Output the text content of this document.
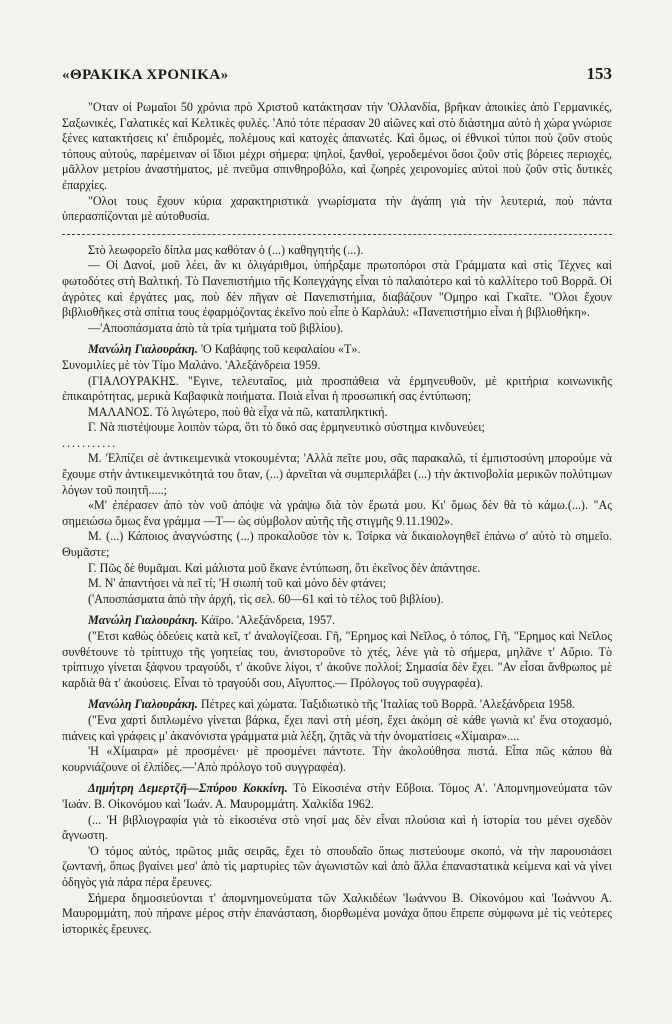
«ΘΡΑΚΙΚΑ ΧΡΟΝΙΚΑ»	153

"Οταν οἱ Ρωμαῖοι 50 χρόνια πρὸ Χριστοῦ κατάκτησαν τὴν 'Ολλανδία, βρῆκαν ἀποικίες ἀπὸ Γερμανικές, Σαξωνικές, Γαλατικὲς καὶ Κελτικὲς φυλές. 'Από τότε πέρασαν 20 αἰῶνες καὶ στὸ διάστημα αὐτὸ ἡ χώρα γνώρισε ξένες κατακτήσεις κι' ἐπιδρομές, πολέμους καὶ κατοχὲς ἁπανωτές. Καὶ ὅμως, οἱ ἐθνικοὶ τύποι ποὺ ζοῦν στοὺς τόπους αὐτούς, παρέμειναν οἱ ἴδιοι μέχρι σήμερα: ψηλοί, ξανθοί, γεροδεμένοι ὅσοι ζοῦν στὶς βόρειες περιοχές, μᾶλλον μετρίου ἀναστήματος, μὲ πνεῦμα σπινθηροβόλο, καὶ ζωηρὲς χειρονομίες αὐτοὶ ποὺ ζοῦν στὶς δυτικὲς ἐπαρχίες.

"Ολοι τους ἔχουν κύρια χαρακτηριστικὰ γνωρίσματα τὴν ἀγάπη γιὰ τὴν λευτεριά, ποὺ πάντα ὑπερασπίζονται μὲ αὐτοθυσία.

Στὸ λεωφορεῖο δίπλα μας καθόταν ὁ (...) καθηγητής (...).

— Οἱ Δανοί, μοῦ λέει, ἂν κι ὀλιγάριθμοι, ὑπήρξαμε πρωτοπόροι στὰ Γράμματα καὶ στὶς Τέχνες καὶ φωτοδότες στὴ Βαλτική. Τὸ Πανεπιστήμιο τῆς Κοπεγχάγης εἶναι τὸ παλαιότερο καὶ τὸ καλλίτερο τοῦ Βορρᾶ. Οἱ ἀγρότες καὶ ἐργάτες μας, ποὺ δὲν πῆγαν σὲ Πανεπιστήμια, διαβάζουν "Ομηρο καὶ Γκαῖτε. "Ολοι ἔχουν βιβλιοθῆκες στὰ σπίτια τους ἐφαρμόζοντας ἐκεῖνο ποὺ εἶπε ὁ Καρλάυλ: «Πανεπιστήμιο εἶναι ἡ βιβλιοθήκη».

—'Αποσπάσματα ἀπὸ τὰ τρία τμήματα τοῦ βιβλίου).

Μανώλη Γιαλουράκη. 'Ο Καβάφης τοῦ κεφαλαίου «Τ».

Συνομιλίες μὲ τὸν Τίμο Μαλάνο. 'Αλεξάνδρεια 1959.

(ΓΙΑΛΟΥΡΑΚΗΣ. "Εγινε, τελευταῖος, μιὰ προσπάθεια νὰ ἑρμηνευθοῦν, μὲ κριτήρια κοινωνικῆς ἐπικαιρότητας, μερικὰ Καβαφικὰ ποιήματα. Ποιὰ εἶναι ἡ προσωπική σας ἐντύπωση;

ΜΑΛΑΝΟΣ. Τὸ λιγώτερο, ποὺ θὰ εἶχα νὰ πῶ, καταπληκτική.

Γ. Νὰ πιστέψουμε λοιπὸν τώρα, ὅτι τὸ δικό σας ἑρμηνευτικὸ σύστημα κινδυνεύει;

...........

Μ. 'Ελπίζει σὲ ἀντικειμενικὰ ντοκουμέντα; 'Αλλὰ πεῖτε μου, σᾶς παρακαλῶ, τί ἐμπιστοσύνη μπορούμε νὰ ἔχουμε στὴν ἀντικειμενικότητά του ὅταν, (...) ἀρνεῖται νὰ συμπεριλάβει (...) τὴν ἀκτινοβολία μερικῶν πολύτιμων λόγων τοῦ ποιητῆ.....;

«Μ' ἐπέρασεν ἀπὸ τὸν νοῦ ἀπόψε νὰ γράψω διὰ τὸν ἔρωτά μου. Κι' ὅμως δὲν θὰ τὸ κάμω.(...). "Ας σημειώσω ὅμως ἕνα γράμμα —Τ— ὡς σύμβολον αὐτῆς τῆς στιγμῆς 9.11.1902».

Μ. (...) Κάποιος ἀναγνώστης (...) προκαλοῦσε τὸν κ. Τσίρκα νὰ δικαιολογηθεῖ ἐπάνω σ' αὐτὸ τὸ σημεῖο. Θυμᾶστε;

Γ. Πῶς δὲ θυμᾶμαι. Καὶ μάλιστα μοῦ ἔκανε ἐντύπωση, ὅτι ἐκεῖνος δὲν ἀπάντησε.

Μ. Ν' ἀπαντήσει νὰ πεῖ τί; 'Η σιωπὴ τοῦ καὶ μόνο δὲν φτάνει;

('Αποσπάσματα ἀπὸ τὴν ἀρχή, τὶς σελ. 60—61 καὶ τὸ τέλος τοῦ βιβλίου).

Μανώλη Γιαλουράκη. Κάϊρο. 'Αλεξάνδρεια, 1957.

("Ετσι καθὼς ὁδεύεις κατὰ κεῖ, τ' ἀναλογίζεσαι. Γῆ, "Ερημος καὶ Νεῖλος, ὁ τόπος, Γῆ, "Ερημος καὶ Νεῖλος συνθέτουνε τὸ τρίπτυχο τῆς γοητείας του, ἀνιστοροῦνε τὸ χτές, λένε γιὰ τὸ σήμερα, μηλᾶνε τ' Αὔριο. Τὸ τρίπτυχο γίνεται ξάφνου τραγούδι, τ' ἀκοῦνε λίγοι, τ' ἀκοῦνε πολλοί; Σημασία δὲν ἔχει. "Αν εἶσαι ἄνθρωπος μὲ καρδιὰ θὰ τ' ἀκούσεις. Εἶναι τὸ τραγούδι σου, Αἴγυπτος.— Πρόλογος τοῦ συγγραφέα).

Μανώλη Γιαλουράκη. Πέτρες καὶ χώματα. Ταξιδιωτικὸ τῆς 'Ιταλίας τοῦ Βορρᾶ. 'Αλεξάνδρεια 1958.

("Ενα χαρτὶ διπλωμένο γίνεται βάρκα, ἔχει πανὶ στὴ μέση, ἔχει ἀκόμη σὲ κάθε γωνιὰ κι' ἕνα στοχασμό, πιάνεις καὶ γράφεις μ' ἀκανόνιστα γράμματα μιὰ λέξη, ζητᾶς νὰ τὴν ὀνοματίσεις «Χίμαιρα»....

'Η «Χίμαιρα» μὲ προσμένει· μὲ προσμένει πάντοτε. Τὴν ἀκολούθησα πιστά. Εἶπα πῶς κάπου θὰ κουρνιάζουνε οἱ ἐλπίδες.—'Απὸ πρόλογο τοῦ συγγραφέα).

Δημήτρη Δεμερτζῆ—Σπύρου Κοκκίνη. Τὸ Εἰκοσιένα στὴν Εὔβοια. Τόμος Α'. 'Απομνημονεύματα τῶν 'Ιωάν. Β. Οἰκονόμου καὶ 'Ιωάν. Α. Μαυρομμάτη. Χαλκίδα 1962.

(... 'Η βιβλιογραφία γιὰ τὸ εἰκοσιένα στὸ νησί μας δὲν εἶναι πλούσια καὶ ἡ ἱστορία του μένει σχεδὸν ἄγνωστη.

'Ο τόμος αὐτός, πρῶτος μιᾶς σειρᾶς, ἔχει τὸ σπουδαῖο ὅπως πιστεύουμε σκοπό, νὰ τὴν παρουσιάσει ζωντανή, ὅπως βγαίνει μεσ' ἀπὸ τὶς μαρτυρίες τῶν ἀγωνιστῶν καὶ ἀπὸ ἄλλα ἐπαναστατικὰ κείμενα καὶ νὰ γίνει ὁδηγὸς γιὰ πάρα πέρα ἔρευνες.

Σήμερα δημοσιεύονται τ' ἀπομνημονεύματα τῶν Χαλκιδέων 'Ιωάννου Β. Οἰκονόμου καὶ 'Ιωάννου Α. Μαυρομμάτη, ποὺ πήρανε μέρος στὴν ἐπανάσταση, διορθωμένα μονάχα ὅπου ἔπρεπε σύμφωνα μὲ τὶς νεότερες ἱστορικὲς ἔρευνες.
